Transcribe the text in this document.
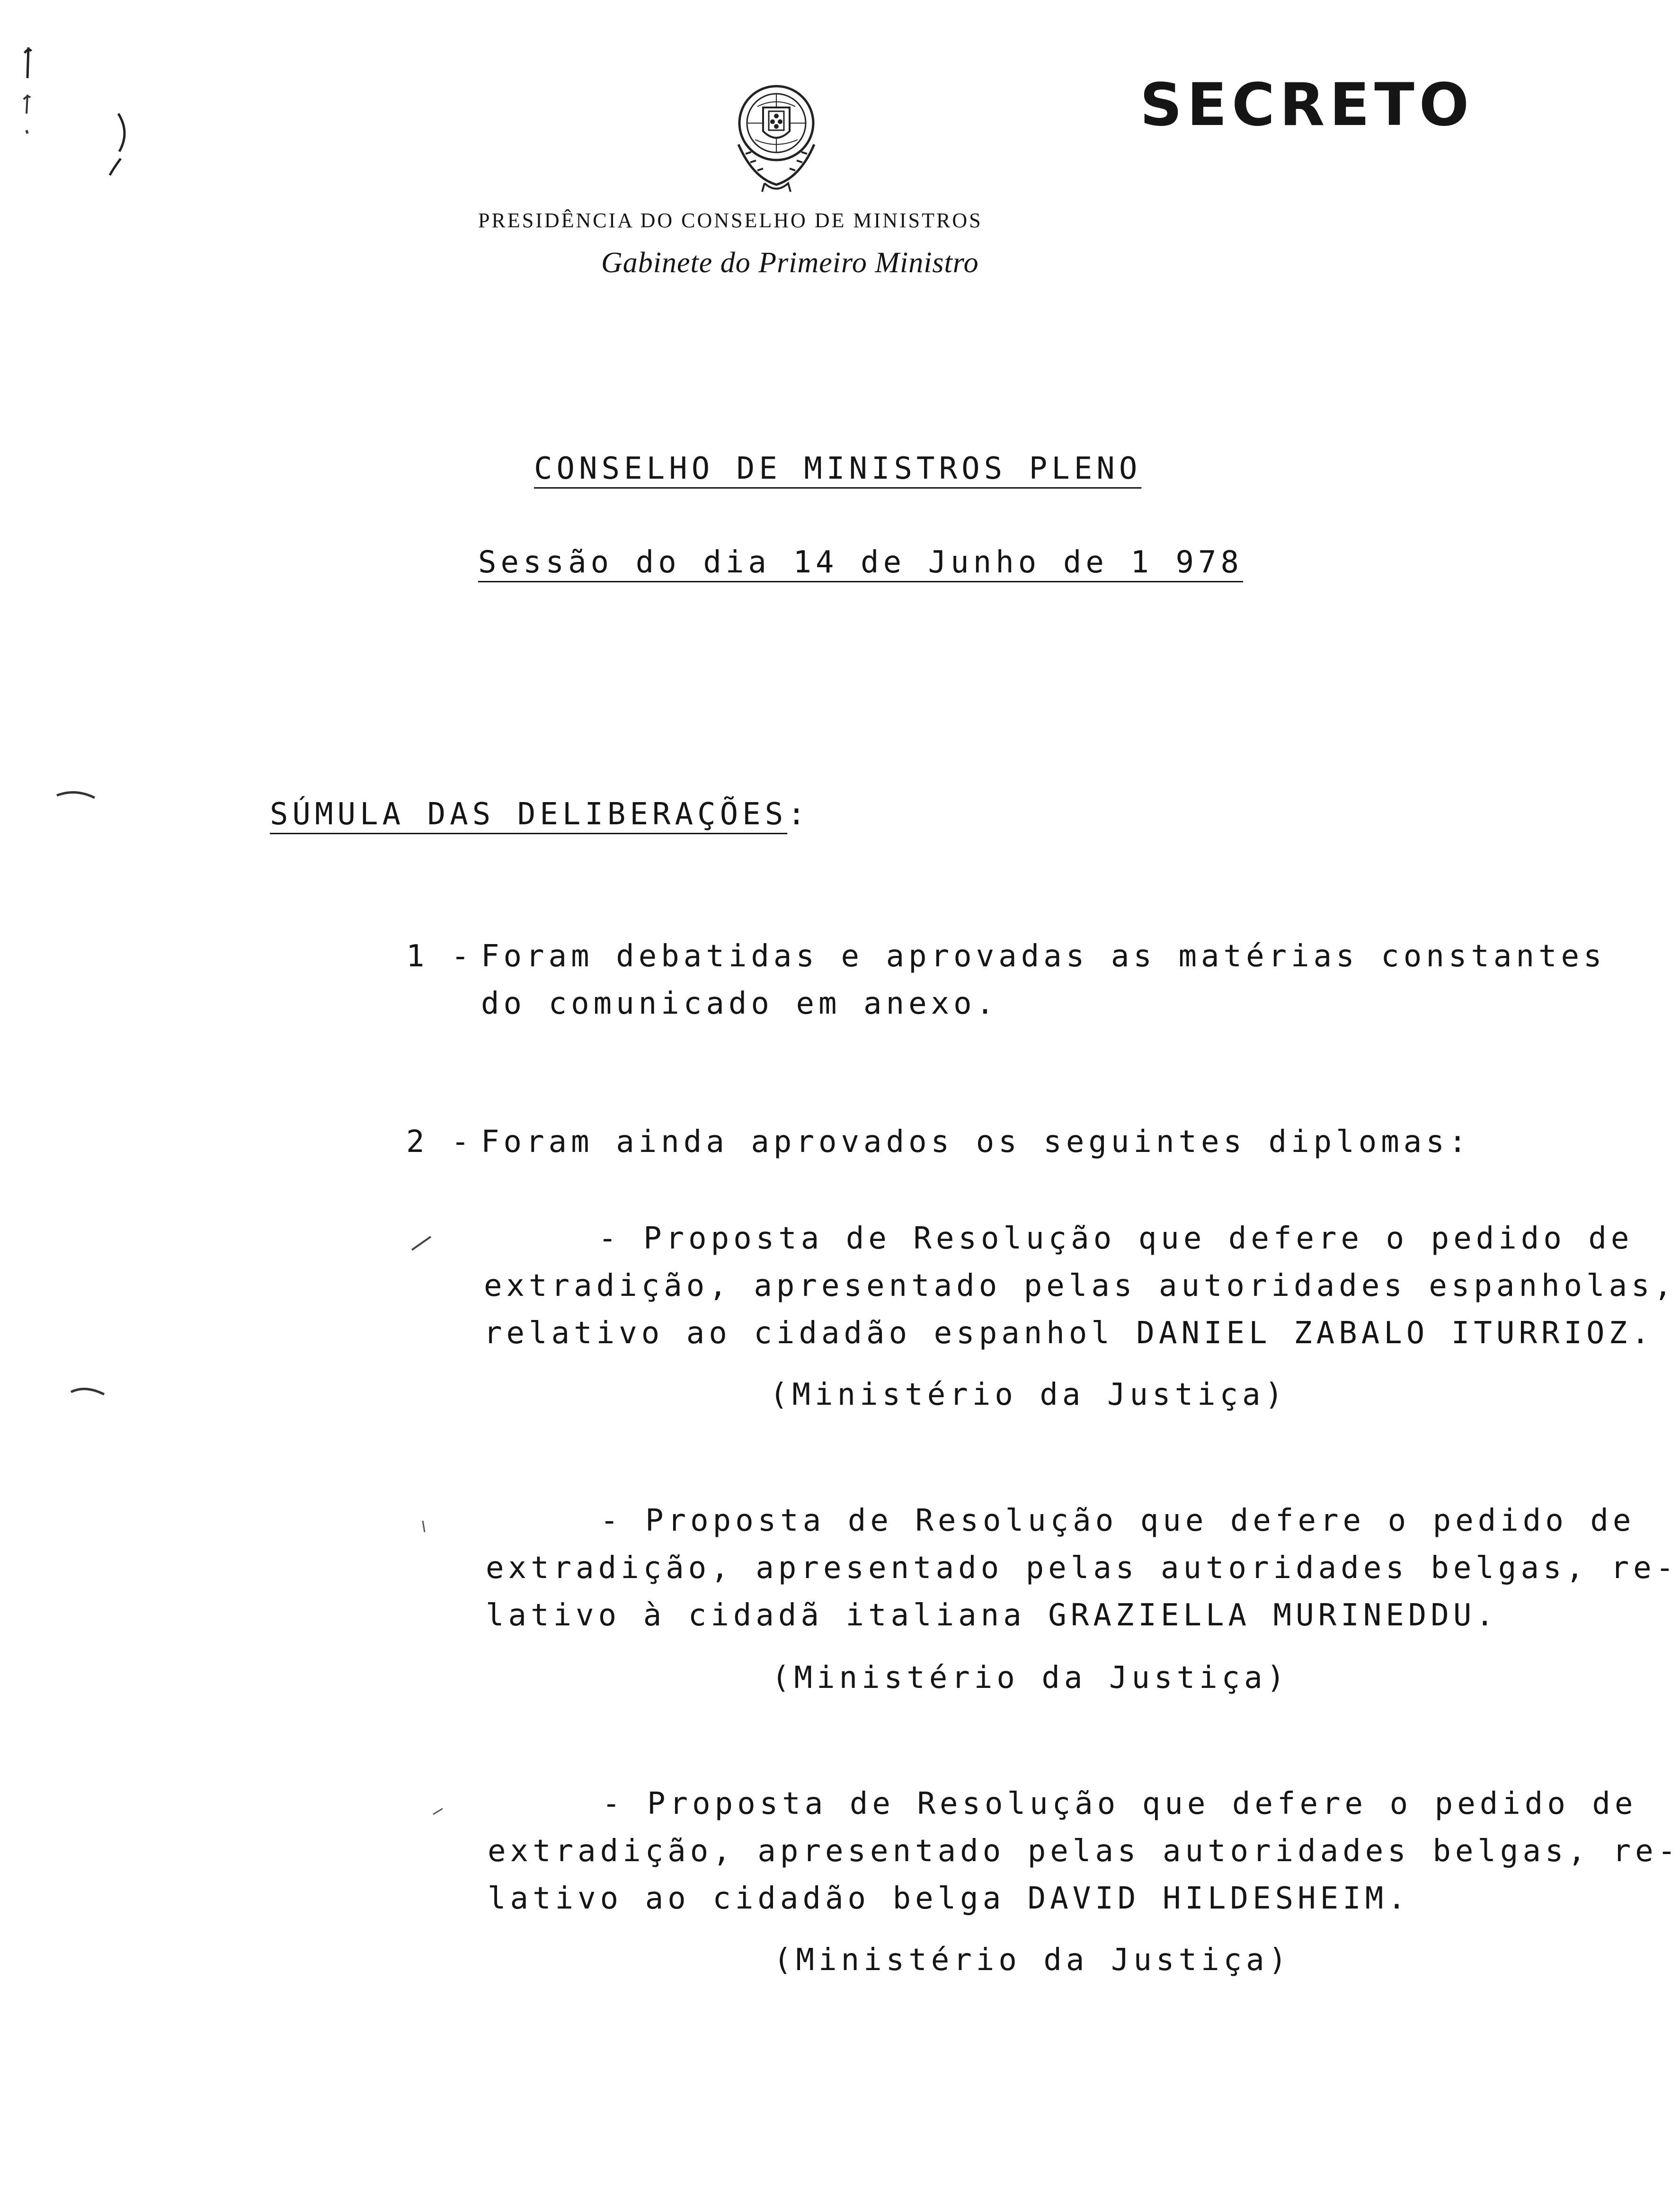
SECRETO
PRESIDÊNCIA DO CONSELHO DE MINISTROS
Gabinete do Primeiro Ministro
CONSELHO DE MINISTROS PLENO
Sessão do dia 14 de Junho de 1 978
SÚMULA DAS DELIBERAÇÕES:
1 - Foram debatidas e aprovadas as matérias constantes
do comunicado em anexo.
2 - Foram ainda aprovados os seguintes diplomas:
- Proposta de Resolução que defere o pedido de
extradição, apresentado pelas autoridades espanholas,
relativo ao cidadão espanhol DANIEL ZABALO ITURRIOZ.
(Ministério da Justiça)
- Proposta de Resolução que defere o pedido de
extradição, apresentado pelas autoridades belgas, re-
lativo à cidadã italiana GRAZIELLA MURINEDDU.
(Ministério da Justiça)
- Proposta de Resolução que defere o pedido de
extradição, apresentado pelas autoridades belgas, re-
lativo ao cidadão belga DAVID HILDESHEIM.
(Ministério da Justiça)
